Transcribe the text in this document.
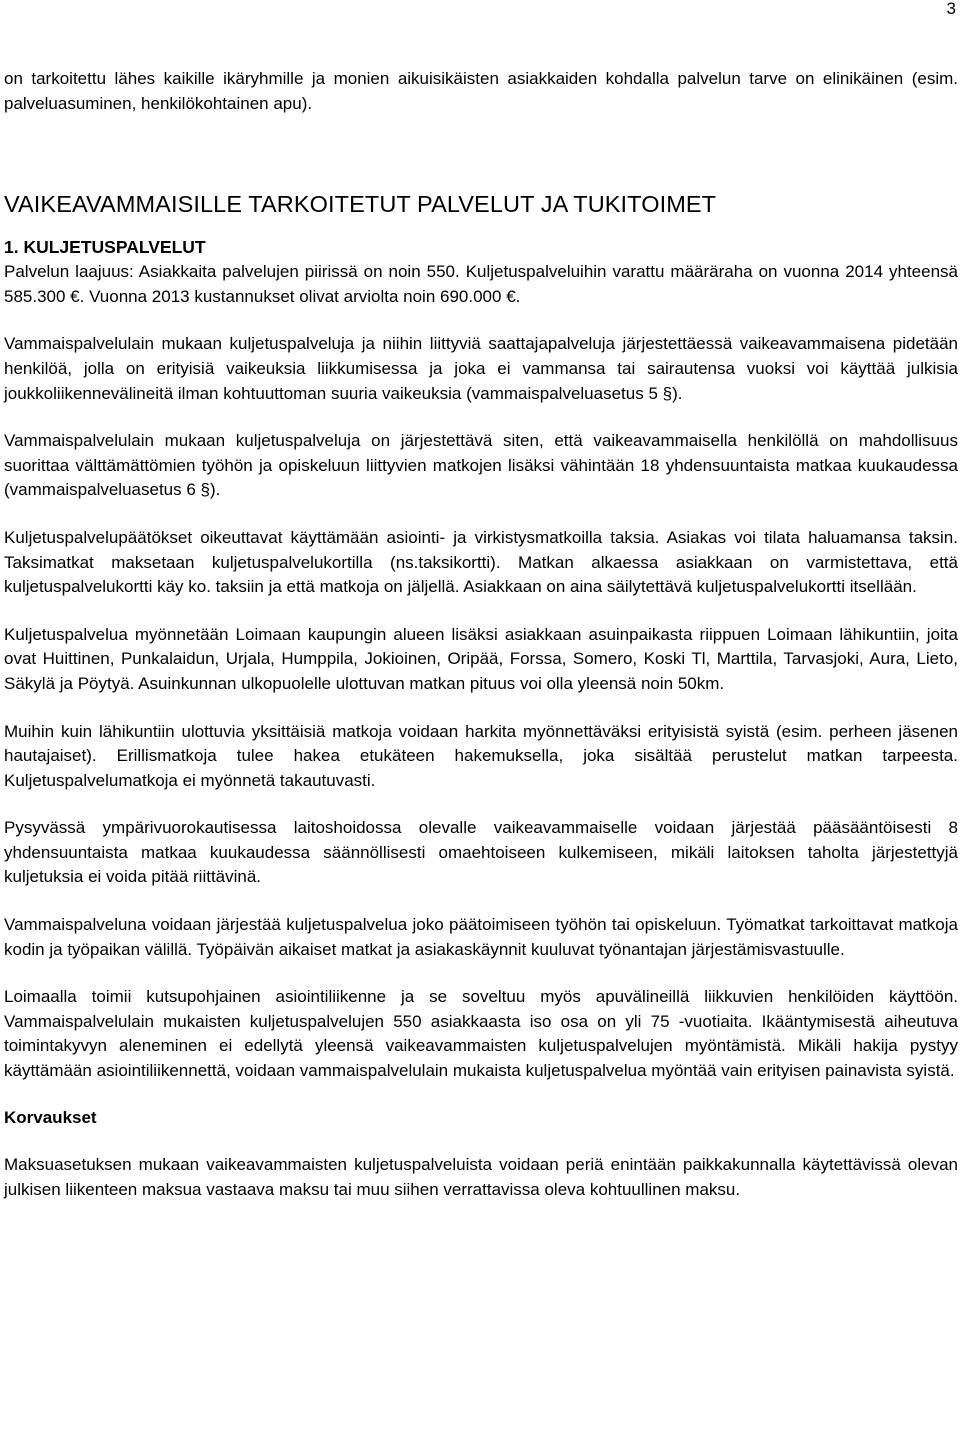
3

on tarkoitettu lähes kaikille ikäryhmille ja monien aikuisikäisten asiakkaiden kohdalla palvelun tarve on elinikäinen (esim. palveluasuminen, henkilökohtainen apu).

VAIKEAVAMMAISILLE TARKOITETUT PALVELUT JA TUKITOIMET
1. KULJETUSPALVELUT

Palvelun laajuus: Asiakkaita palvelujen piirissä on noin 550. Kuljetuspalveluihin varattu määräraha on vuonna 2014 yhteensä 585.300 €. Vuonna 2013 kustannukset olivat arviolta noin 690.000 €.

Vammaispalvelulain mukaan kuljetuspalveluja ja niihin liittyviä saattajapalveluja järjestettäessä vaikeavammaisena pidetään henkilöä, jolla on erityisiä vaikeuksia liikkumisessa ja joka ei vammansa tai sairautensa vuoksi voi käyttää julkisia joukkoliikennevälineitä ilman kohtuuttoman suuria vaikeuksia (vammaispalveluasetus 5 §).

Vammaispalvelulain mukaan kuljetuspalveluja on järjestettävä siten, että vaikeavammaisella henkilöllä on mahdollisuus suorittaa välttämättömien työhön ja opiskeluun liittyvien matkojen lisäksi vähintään 18 yhdensuuntaista matkaa kuukaudessa (vammaispalveluasetus 6 §).

Kuljetuspalvelupäätökset oikeuttavat käyttämään asiointi- ja virkistysmatkoilla taksia. Asiakas voi tilata haluamansa taksin. Taksimatkat maksetaan kuljetuspalvelukortilla (ns.taksikortti). Matkan alkaessa asiakkaan on varmistettava, että kuljetuspalvelukortti käy ko. taksiin ja että matkoja on jäljellä. Asiakkaan on aina säilytettävä kuljetuspalvelukortti itsellään.

Kuljetuspalvelua myönnetään Loimaan kaupungin alueen lisäksi asiakkaan asuinpaikasta riippuen Loimaan lähikuntiin, joita ovat Huittinen, Punkalaidun, Urjala, Humppila, Jokioinen, Oripää, Forssa, Somero, Koski Tl, Marttila, Tarvasjoki, Aura, Lieto, Säkylä ja Pöytyä. Asuinkunnan ulkopuolelle ulottuvan matkan pituus voi olla yleensä noin 50km.

Muihin kuin lähikuntiin ulottuvia yksittäisiä matkoja voidaan harkita myönnettäväksi erityisistä syistä (esim. perheen jäsenen hautajaiset). Erillismatkoja tulee hakea etukäteen hakemuksella, joka sisältää perustelut matkan tarpeesta. Kuljetuspalvelumatkoja ei myönnetä takautuvasti.

Pysyvässä ympärivuorokautisessa laitoshoidossa olevalle vaikeavammaiselle voidaan järjestää pääsääntöisesti 8 yhdensuuntaista matkaa kuukaudessa säännöllisesti omaehtoiseen kulkemiseen, mikäli laitoksen taholta järjestettyjä kuljetuksia ei voida pitää riittävinä.

Vammaispalveluna voidaan järjestää kuljetuspalvelua joko päätoimiseen työhön tai opiskeluun. Työmatkat tarkoittavat matkoja kodin ja työpaikan välillä. Työpäivän aikaiset matkat ja asiakaskäynnit kuuluvat työnantajan järjestämisvastuulle.

Loimaalla toimii kutsupohjainen asiointiliikenne ja se soveltuu myös apuvälineillä liikkuvien henkilöiden käyttöön. Vammaispalvelulain mukaisten kuljetuspalvelujen 550 asiakkaasta iso osa on yli 75 -vuotiaita. Ikääntymisestä aiheutuva toimintakyvyn aleneminen ei edellytä yleensä vaikeavammaisten kuljetuspalvelujen myöntämistä. Mikäli hakija pystyy käyttämään asiointiliikennettä, voidaan vammaispalvelulain mukaista kuljetuspalvelua myöntää vain erityisen painavista syistä.

Korvaukset

Maksuasetuksen mukaan vaikeavammaisten kuljetuspalveluista voidaan periä enintään paikkakunnalla käytettävissä olevan julkisen liikenteen maksua vastaava maksu tai muu siihen verrattavissa oleva kohtuullinen maksu.
